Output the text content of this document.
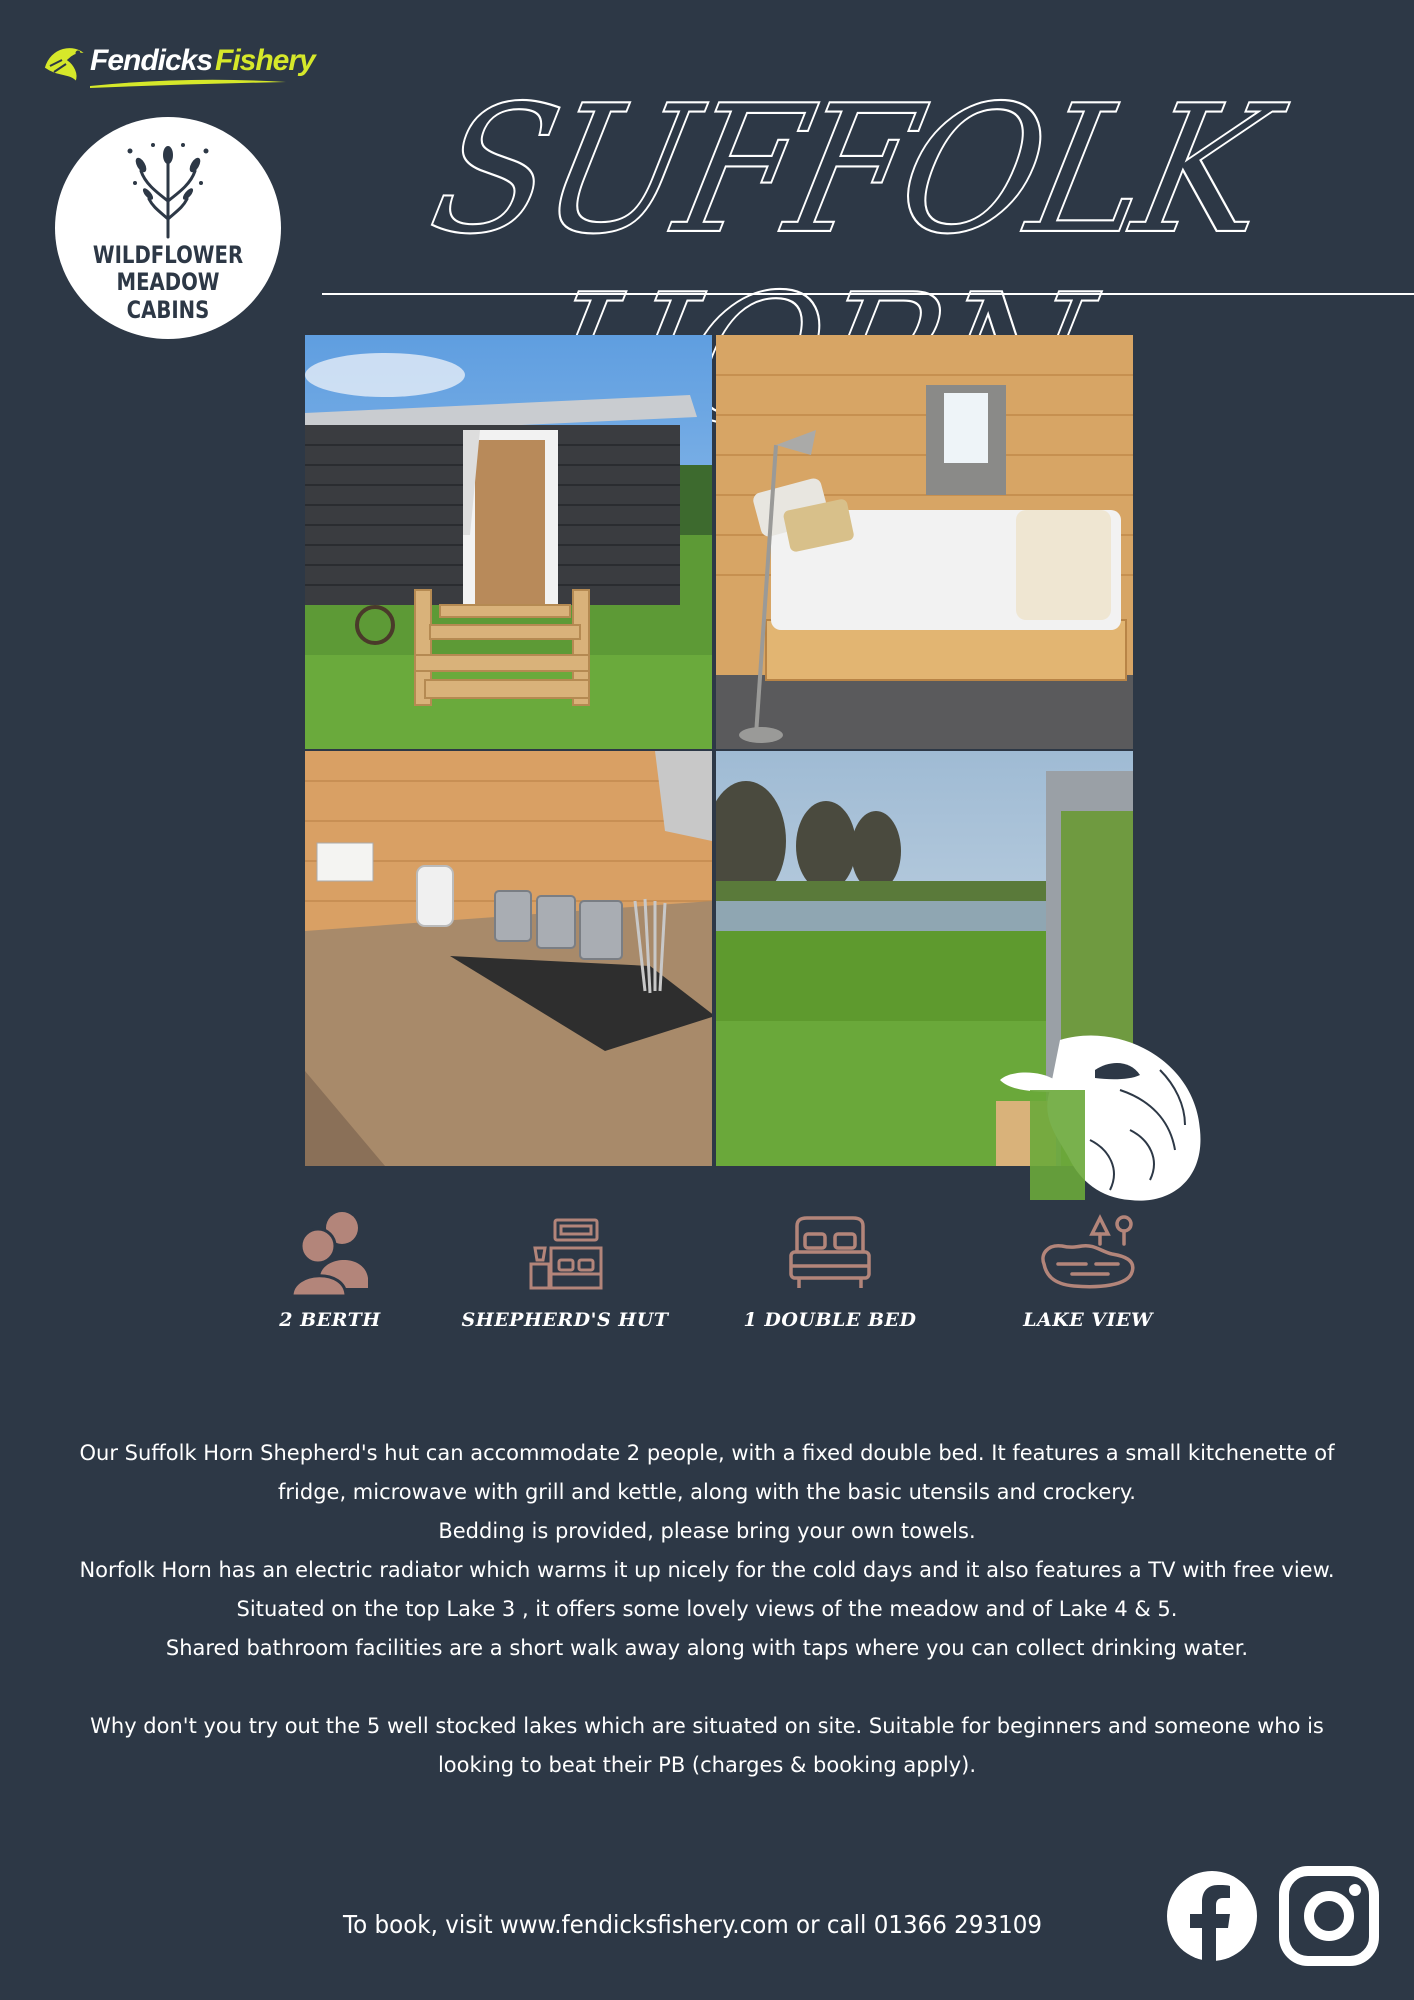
Fendicks Fishery
WILDFLOWER
MEADOW CABINS
SUFFOLK
2 BERTH	SHEPHERD'S HUT	1 DOUBLE BED	LAKE VIEW

Our Suffolk Horn Shepherd's hut can accommodate 2 people, with a fixed double bed. It features a small kitchenette of fridge, microwave with grill and kettle, along with the basic utensils and crockery.

Bedding is provided, please bring your own towels.

Norfolk Horn has an electric radiator which warms it up nicely for the cold days and it also features a TV with free view.

Situated on the top Lake 3 , it offers some lovely views of the meadow and of Lake 4 & 5.

Shared bathroom facilities are a short walk away along with taps where you can collect drinking water.

Why don't you try out the 5 well stocked lakes which are situated on site. Suitable for beginners and someone who is looking to beat their PB (charges & booking apply).

To book, visit www.fendicksfishery.com or call 01366 293109
